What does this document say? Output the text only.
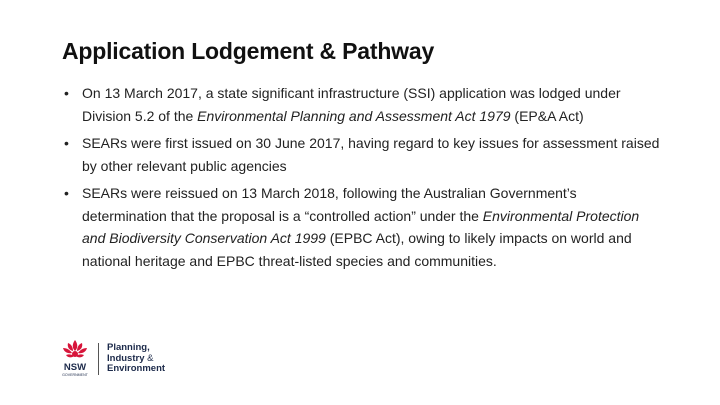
Application Lodgement & Pathway
• On 13 March 2017, a state significant infrastructure (SSI) application was lodged under Division 5.2 of the Environmental Planning and Assessment Act 1979 (EP&A Act)
• SEARs were first issued on 30 June 2017, having regard to key issues for assessment raised by other relevant public agencies
• SEARs were reissued on 13 March 2018, following the Australian Government’s determination that the proposal is a “controlled action” under the Environmental Protection and Biodiversity Conservation Act 1999 (EPBC Act), owing to likely impacts on world and national heritage and EPBC threat-listed species and communities.
NSW
GOVERNMENT
Planning,
Industry &
Environment
